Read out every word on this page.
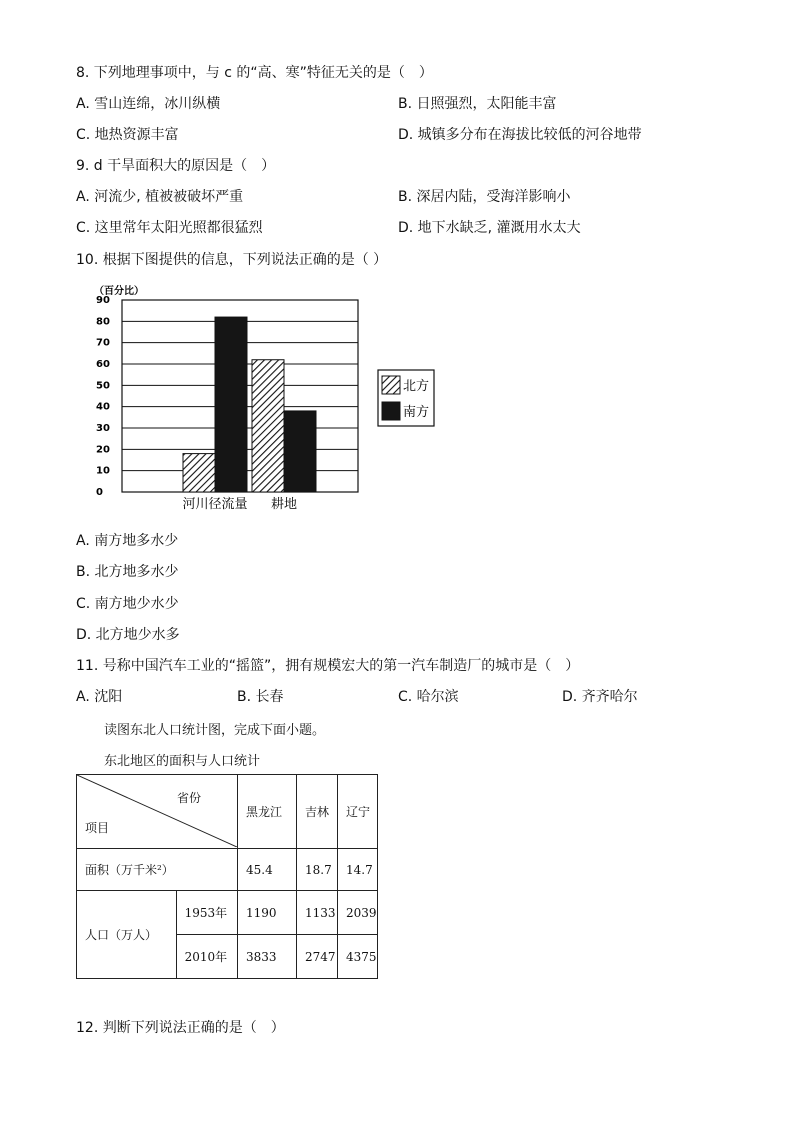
8. 下列地理事项中，与 c 的“高、寒”特征无关的是（　）
A. 雪山连绵，冰川纵横	B. 日照强烈，太阳能丰富
C. 地热资源丰富	D. 城镇多分布在海拔比较低的河谷地带
9. d 干旱面积大的原因是（　）
A. 河流少, 植被被破坏严重	B. 深居内陆，受海洋影响小
C. 这里常年太阳光照都很猛烈	D. 地下水缺乏, 灌溉用水太大
10. 根据下图提供的信息，下列说法正确的是（ ）
（百分比）
0
10
20
30
40
50
60
70
80
90
河川径流量 耕地
北方
南方
A. 南方地多水少
B. 北方地多水少
C. 南方地少水少
D. 北方地少水多
11. 号称中国汽车工业的“摇篮”，拥有规模宏大的第一汽车制造厂的城市是（　）
A. 沈阳	B. 长春	C. 哈尔滨	D. 齐齐哈尔
读图东北人口统计图，完成下面小题。
东北地区的面积与人口统计
省份
项目		黑龙江	吉林	辽宁
面积（万千米²）		45.4	18.7	14.7
人口（万人）	1953年	1190	1133	2039
	2010年	3833	2747	4375
12. 判断下列说法正确的是（　）
